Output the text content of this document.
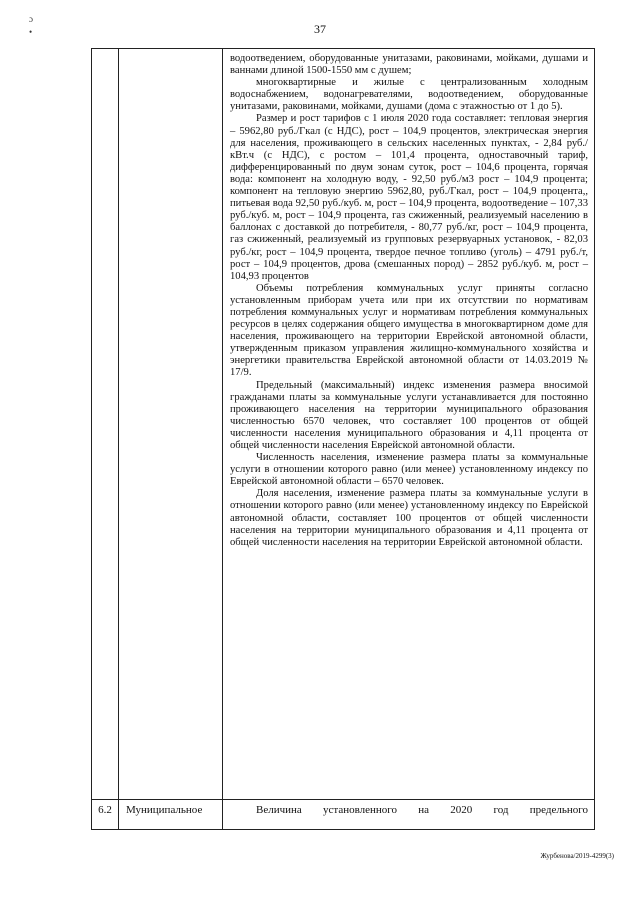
37
ɔ
•

водоотведением, оборудованные унитазами, раковинами, мойками, душами и ваннами длиной 1500-1550 мм с душем;

многоквартирные и жилые с централизованным холодным водоснабжением, водонагревателями, водоотведением, оборудованные унитазами, раковинами, мойками, душами (дома с этажностью от 1 до 5).

Размер и рост тарифов с 1 июля 2020 года составляет: тепловая энергия – 5962,80 руб./Гкал (с НДС), рост – 104,9 процентов, электрическая энергия для населения, проживающего в сельских населенных пунктах, - 2,84 руб./кВт.ч (с НДС), с ростом – 101,4 процента, одноставочный тариф, дифференцированный по двум зонам суток, рост – 104,6 процента, горячая вода: компонент на холодную воду, - 92,50 руб./м3 рост – 104,9 процента; компонент на тепловую энергию 5962,80, руб./Гкал, рост – 104,9 процента,, питьевая вода 92,50 руб./куб. м, рост – 104,9 процента, водоотведение – 107,33 руб./куб. м, рост – 104,9 процента, газ сжиженный, реализуемый населению в баллонах с доставкой до потребителя, - 80,77 руб./кг, рост – 104,9 процента, газ сжиженный, реализуемый из групповых резервуарных установок, - 82,03 руб./кг, рост – 104,9 процента, твердое печное топливо (уголь) – 4791 руб./т, рост – 104,9 процентов, дрова (смешанных пород) – 2852 руб./куб. м, рост – 104,93 процентов

Объемы потребления коммунальных услуг приняты согласно установленным приборам учета или при их отсутствии по нормативам потребления коммунальных услуг и нормативам потребления коммунальных ресурсов в целях содержания общего имущества в многоквартирном доме для населения, проживающего на территории Еврейской автономной области, утвержденным приказом управления жилищно-коммунального хозяйства и энергетики правительства Еврейской автономной области от 14.03.2019 № 17/9.

Предельный (максимальный) индекс изменения размера вносимой гражданами платы за коммунальные услуги устанавливается для постоянно проживающего населения на территории муниципального образования численностью 6570 человек, что составляет 100 процентов от общей численности населения муниципального образования и 4,11 процента от общей численности населения Еврейской автономной области.

Численность населения, изменение размера платы за коммунальные услуги в отношении которого равно (или менее) установленному индексу по Еврейской автономной области – 6570 человек.

Доля населения, изменение размера платы за коммунальные услуги в отношении которого равно (или менее) установленному индексу по Еврейской автономной области, составляет 100 процентов от общей численности населения на территории муниципального образования и 4,11 процента от общей численности населения на территории Еврейской автономной области.

6.2	Муниципальное	Величина установленного на 2020 год предельного
Журбенова/2019-4299(3)
